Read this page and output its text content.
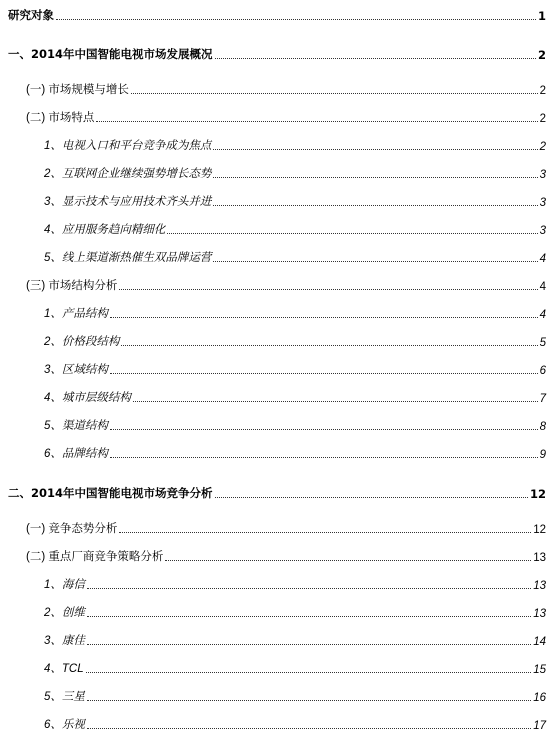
研究对象	1
一、2014年中国智能电视市场发展概况	2
(一) 市场规模与增长	2
(二) 市场特点	2
1、电视入口和平台竞争成为焦点	2
2、互联网企业继续强势增长态势	3
3、显示技术与应用技术齐头并进	3
4、应用服务趋向精细化	3
5、线上渠道渐热催生双品牌运营	4
(三) 市场结构分析	4
1、产品结构	4
2、价格段结构	5
3、区域结构	6
4、城市层级结构	7
5、渠道结构	8
6、品牌结构	9
二、2014年中国智能电视市场竞争分析	12
(一) 竞争态势分析	12
(二) 重点厂商竞争策略分析	13
1、海信	13
2、创维	13
3、康佳	14
4、TCL	15
5、三星	16
6、乐视	17
